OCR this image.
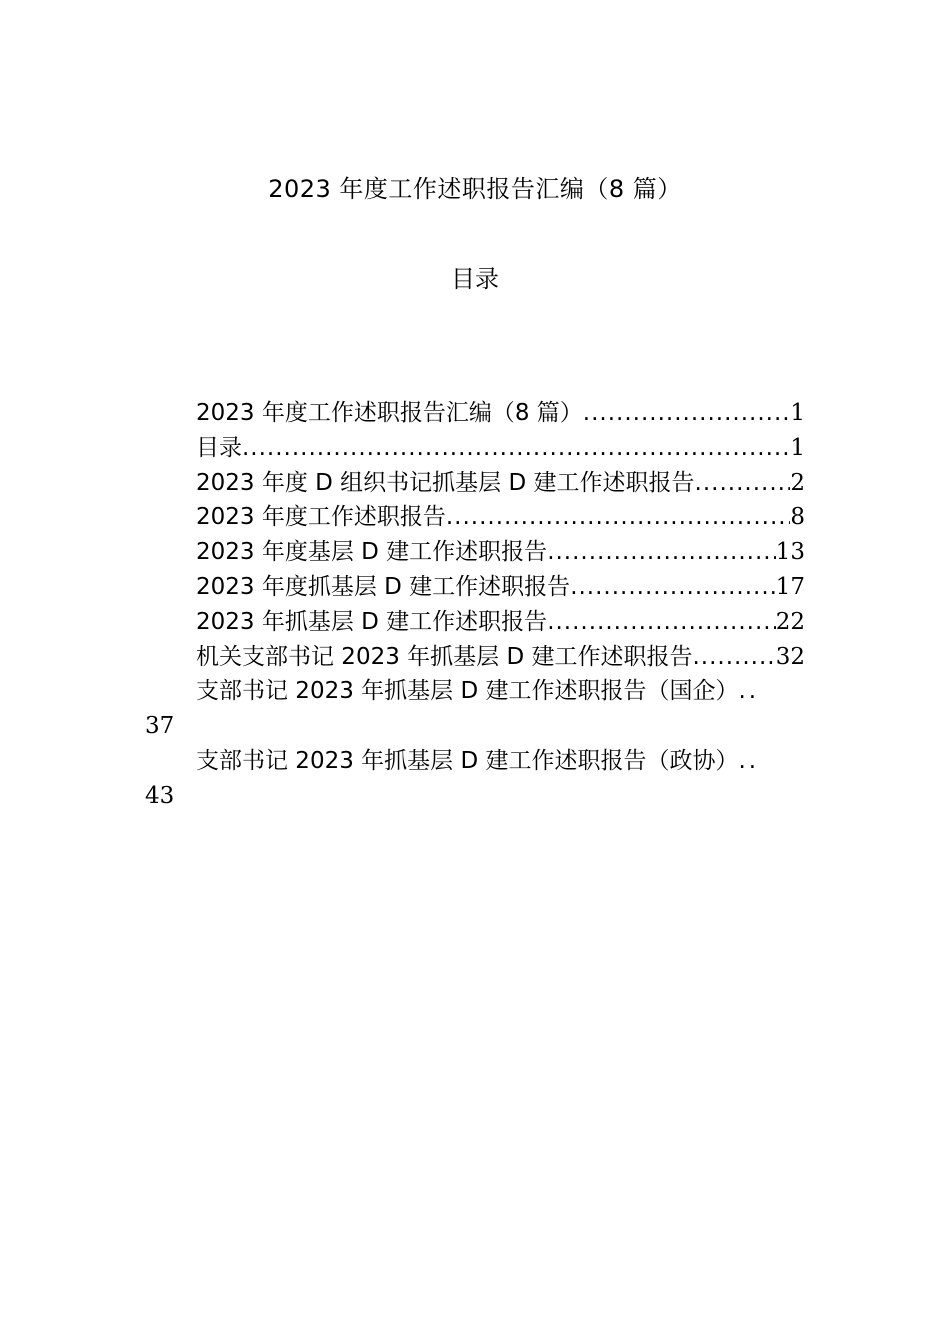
2023 年度工作述职报告汇编（8 篇）
目录
2023 年度工作述职报告汇编（8 篇） .....	1
目录 .....	1
2023 年度 D 组织书记抓基层 D 建工作述职报告 .....	2
2023 年度工作述职报告 .....	8
2023 年度基层 D 建工作述职报告 .....	13
2023 年度抓基层 D 建工作述职报告 .....	17
2023 年抓基层 D 建工作述职报告 .....	22
机关支部书记 2023 年抓基层 D 建工作述职报告 .....	32
支部书记 2023 年抓基层 D 建工作述职报告（国企） ..
37
支部书记 2023 年抓基层 D 建工作述职报告（政协） ..
43
